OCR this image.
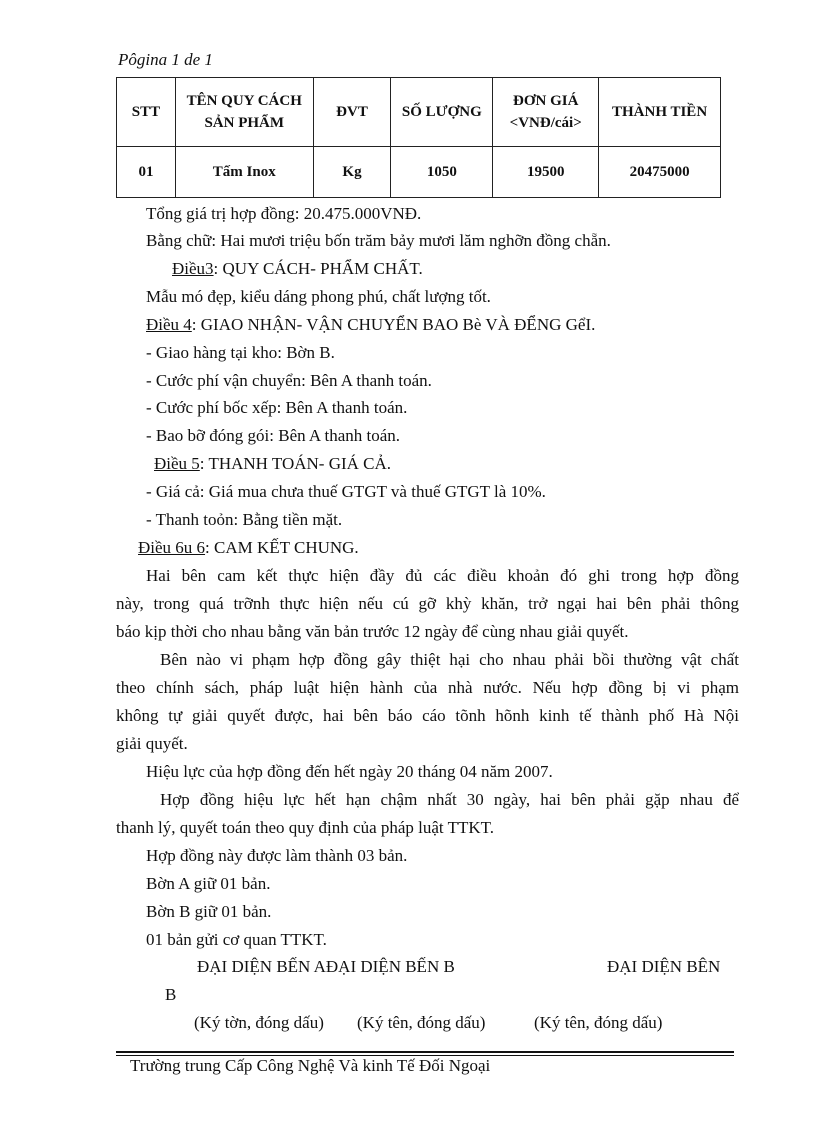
Pôgina 1 de 1
STT	TÊN QUY CÁCH SẢN PHẨM	ĐVT	SỐ LƯỢNG	ĐƠN GIÁ <VNĐ/cái>	THÀNH TIỀN
01	Tấm Inox	Kg	1050	19500	20475000
Tổng giá trị hợp đồng: 20.475.000VNĐ.
Bằng chữ: Hai mươi triệu bốn trăm bảy mươi lăm nghỡn đồng chẵn.
Điều3: QUY CÁCH- PHẨM CHẤT.
Mẫu mó đẹp, kiểu dáng phong phú, chất lượng tốt.
Điều 4: GIAO NHẬN- VẬN CHUYỂN BAO Bè VÀ ĐỂNG GểI.
- Giao hàng tại kho: Bờn B.
- Cước phí vận chuyển: Bên A thanh toán.
- Cước phí bốc xếp: Bên A thanh toán.
- Bao bỡ đóng gói: Bên A thanh toán.
Điều 5: THANH TOÁN- GIÁ CẢ.
- Giá cả: Giá mua chưa thuế GTGT và thuế GTGT là 10%.
- Thanh toỏn: Bằng tiền mặt.
Điều 6u 6: CAM KẾT CHUNG.
Hai bên cam kết thực hiện đầy đủ các điều khoản đó ghi trong hợp đồng
này, trong quá trỡnh thực hiện nếu cú gỡ khỳ khăn, trở ngại hai bên phải thông
báo kịp thời cho nhau bằng văn bản trước 12 ngày để cùng nhau giải quyết.
Bên nào vi phạm hợp đồng gây thiệt hại cho nhau phải bồi thường vật chất
theo chính sách, pháp luật hiện hành của nhà nước. Nếu hợp đồng bị vi phạm
không tự giải quyết được, hai bên báo cáo tõnh hõnh kinh tế thành phố Hà Nội
giải quyết.
Hiệu lực của hợp đồng đến hết ngày 20 tháng 04 năm 2007.
Hợp đồng hiệu lực hết hạn chậm nhất 30 ngày, hai bên phải gặp nhau để
thanh lý, quyết toán theo quy định của pháp luật TTKT.
Hợp đồng này được làm thành 03 bản.
Bờn A giữ 01 bản.
Bờn B giữ 01 bản.
01 bản gửi cơ quan TTKT.
ĐẠI DIỆN BẾN AĐẠI DIỆN BẾN B	ĐẠI DIỆN BÊN
B
(Ký tờn, đóng dấu) (Ký tên, đóng dấu)	(Ký tên, đóng dấu)
Trường trung Cấp Công Nghệ Và kinh Tế Đối Ngoại
